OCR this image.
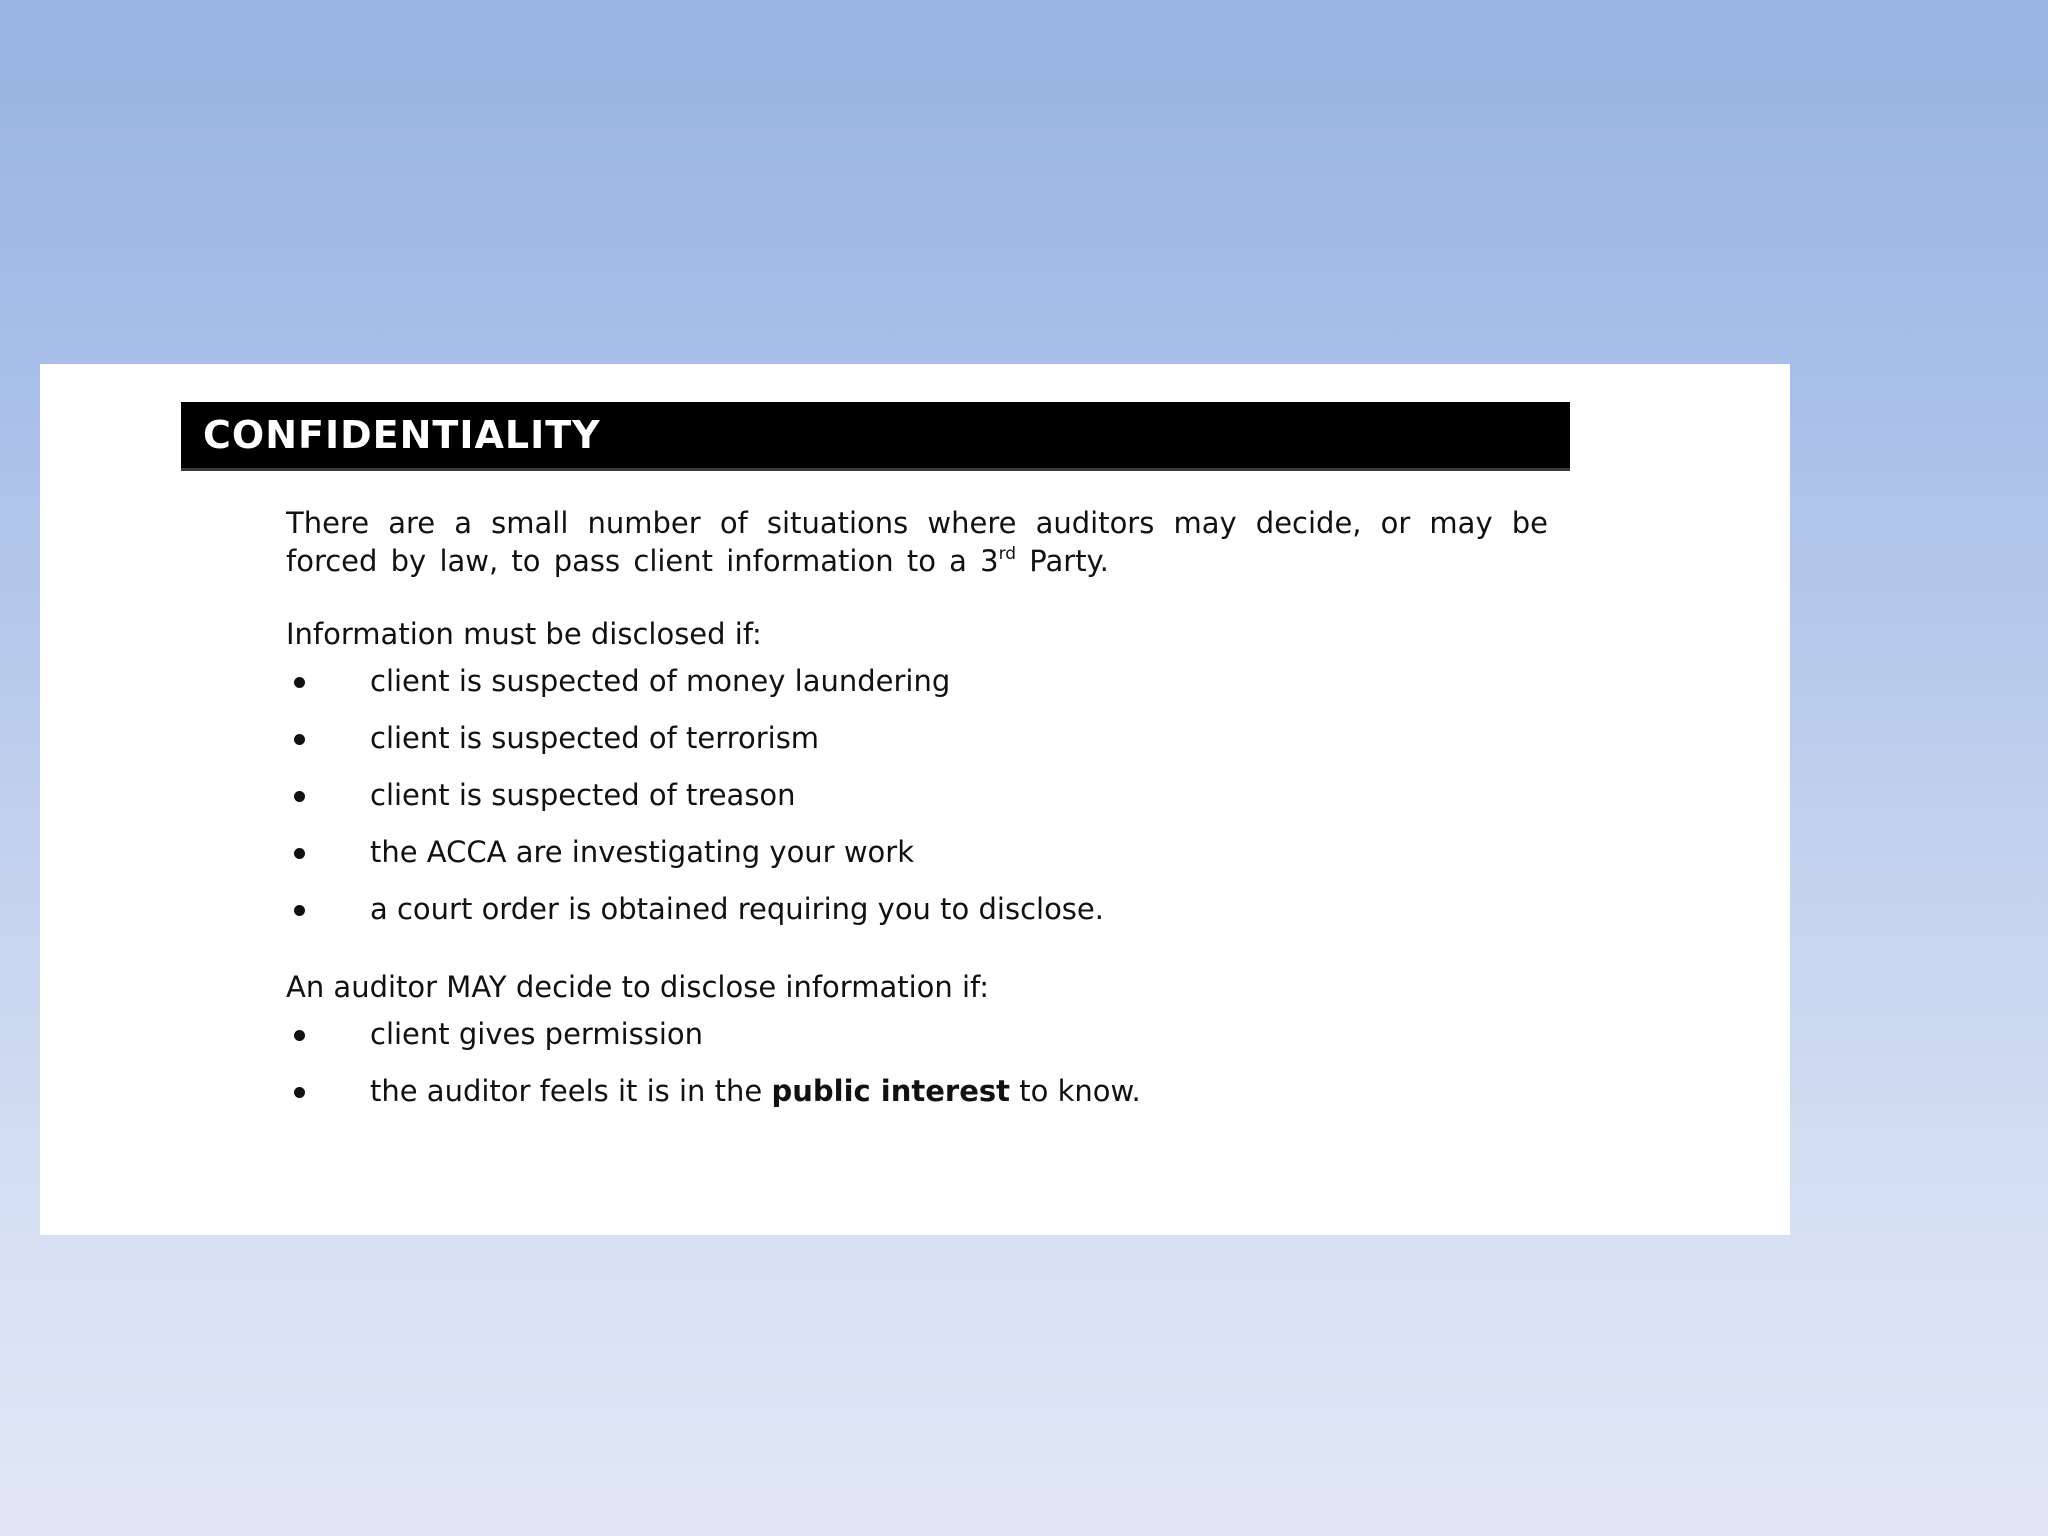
CONFIDENTIALITY

There are a small number of situations where auditors may decide, or may be forced by law, to pass client information to a 3rd Party.

Information must be disclosed if:

client is suspected of money laundering
client is suspected of terrorism
client is suspected of treason
the ACCA are investigating your work
a court order is obtained requiring you to disclose.

An auditor MAY decide to disclose information if:

client gives permission
the auditor feels it is in the public interest to know.
